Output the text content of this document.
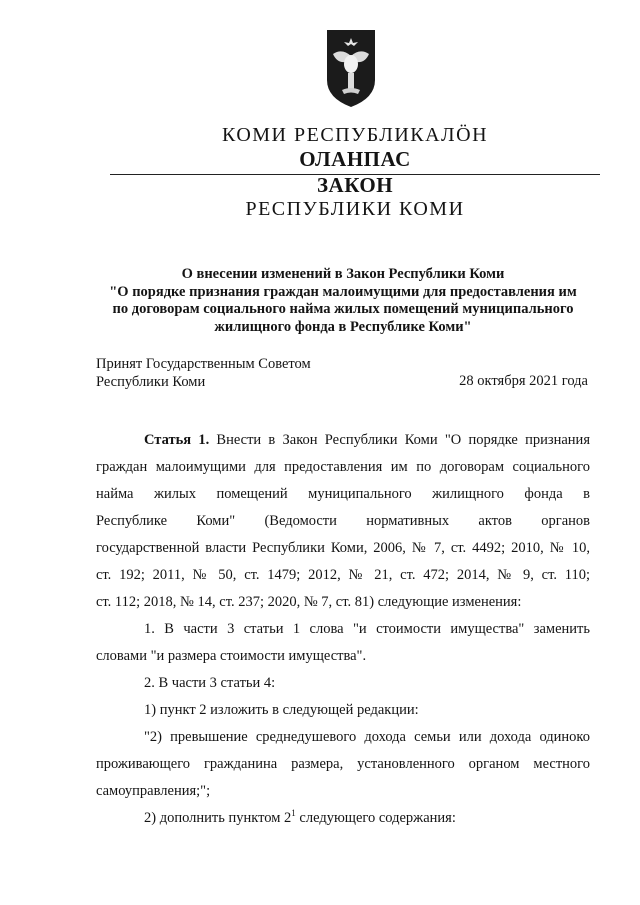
КОМИ РЕСПУБЛИКАЛӦН
ОЛАНПАС
ЗАКОН
РЕСПУБЛИКИ КОМИ
О внесении изменений в Закон Республики Коми
"О порядке признания граждан малоимущими для предоставления им
по договорам социального найма жилых помещений муниципального
жилищного фонда в Республике Коми"
Принят Государственным Советом
Республики Коми	28 октября 2021 года
Статья 1. Внести в Закон Республики Коми "О порядке признания
граждан малоимущими для предоставления им по договорам социального
найма жилых помещений муниципального жилищного фонда в
Республике Коми" (Ведомости нормативных актов органов
государственной власти Республики Коми, 2006, № 7, ст. 4492; 2010, № 10,
ст. 192; 2011, № 50, ст. 1479; 2012, № 21, ст. 472; 2014, № 9, ст. 110;
ст. 112; 2018, № 14, ст. 237; 2020, № 7, ст. 81) следующие изменения:
1. В части 3 статьи 1 слова "и стоимости имущества" заменить
словами "и размера стоимости имущества".
2. В части 3 статьи 4:
1) пункт 2 изложить в следующей редакции:
"2) превышение среднедушевого дохода семьи или дохода одиноко
проживающего гражданина размера, установленного органом местного
самоуправления;";
2) дополнить пунктом $2^1$ следующего содержания:
